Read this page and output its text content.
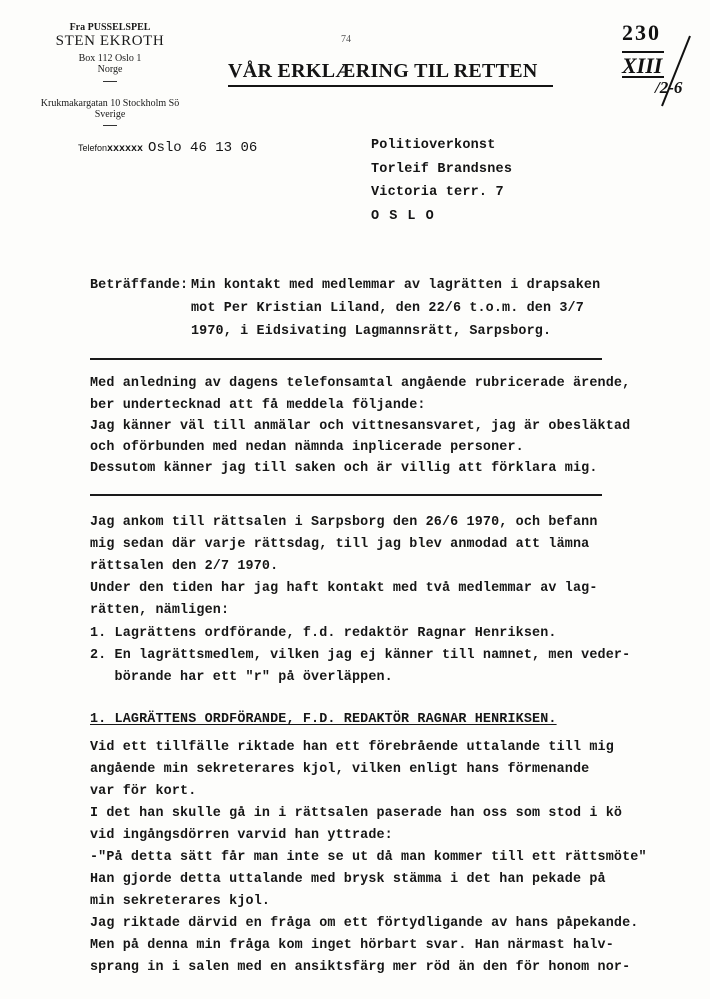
Fra PUSSELSPEL
STEN EKROTH
Box 112 Oslo 1
Norge
Krukmakargatan 10 Stockholm Sö
Sverige
Telefonxxxxxx Oslo 46 13 06
74
VÅR ERKLÆRING TIL RETTEN
230
XIII
/2-6
Politioverkonst
Torleif Brandsnes
Victoria terr. 7
O S L O
Beträffande: Min kontakt med medlemmar av lagrätten i drapsaken
mot Per Kristian Liland, den 22/6 t.o.m. den 3/7
1970, i Eidsivating Lagmannsrätt, Sarpsborg.
Med anledning av dagens telefonsamtal angående rubricerade ärende,
ber undertecknad att få meddela följande:
Jag känner väl till anmälar och vittnesansvaret, jag är obesläktad
och oförbunden med nedan nämnda inplicerade personer.
Dessutom känner jag till saken och är villig att förklara mig.
Jag ankom till rättsalen i Sarpsborg den 26/6 1970, och befann
mig sedan där varje rättsdag, till jag blev anmodad att lämna
rättsalen den 2/7 1970.
Under den tiden har jag haft kontakt med två medlemmar av lag-
rätten, nämligen:
1. Lagrättens ordförande, f.d. redaktör Ragnar Henriksen.
2. En lagrättsmedlem, vilken jag ej känner till namnet, men veder-
börande har ett "r" på överläppen.
1. LAGRÄTTENS ORDFÖRANDE, F.D. REDAKTÖR RAGNAR HENRIKSEN.
Vid ett tillfälle riktade han ett förebrående uttalande till mig
angående min sekreterares kjol, vilken enligt hans förmenande
var för kort.
I det han skulle gå in i rättsalen paserade han oss som stod i kö
vid ingångsdörren varvid han yttrade:
-"På detta sätt får man inte se ut då man kommer till ett rättsmöte"
Han gjorde detta uttalande med brysk stämma i det han pekade på
min sekreterares kjol.
Jag riktade därvid en fråga om ett förtydligande av hans påpekande.
Men på denna min fråga kom inget hörbart svar. Han närmast halv-
sprang in i salen med en ansiktsfärg mer röd än den för honom nor-
